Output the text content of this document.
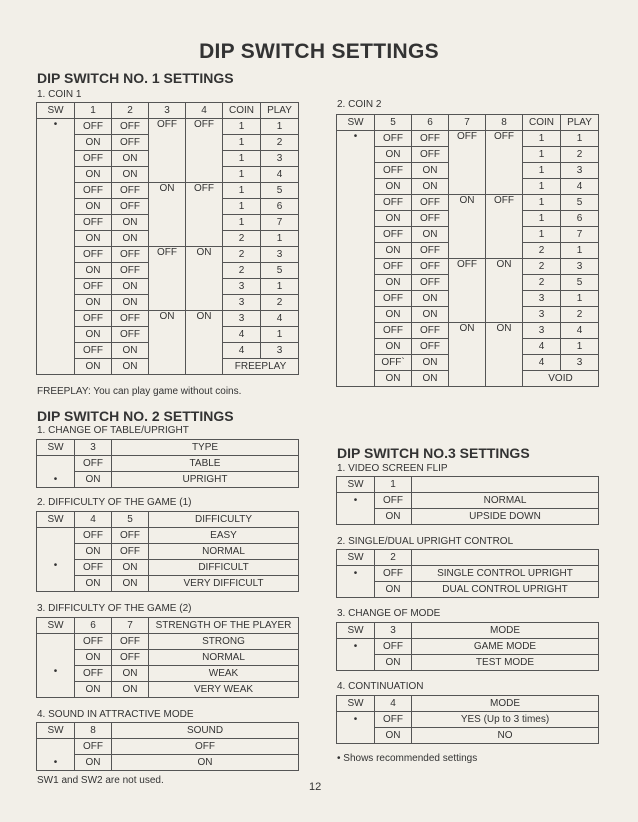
DIP SWITCH SETTINGS
DIP SWITCH NO. 1 SETTINGS
1. COIN 1
SW	1	2	3	4	COIN	PLAY
•	OFF	OFF	OFF	OFF	1	1
	ON	OFF			1	2
	OFF	ON			1	3
	ON	ON			1	4
	OFF	OFF	ON	OFF	1	5
	ON	OFF			1	6
	OFF	ON			1	7
	ON	ON			2	1
	OFF	OFF	OFF	ON	2	3
	ON	OFF			2	5
	OFF	ON			3	1
	ON	ON			3	2
	OFF	OFF	ON	ON	3	4
	ON	OFF			4	1
	OFF	ON			4	3
	ON	ON			FREEPLAY	
FREEPLAY: You can play game without coins.
2. COIN 2
SW	5	6	7	8	COIN	PLAY
•	OFF	OFF	OFF	OFF	1	1
	ON	OFF			1	2
	OFF	ON			1	3
	ON	ON			1	4
	OFF	OFF	ON	OFF	1	5
	ON	OFF			1	6
	OFF	ON			1	7
	ON	OFF			2	1
	OFF	OFF	OFF	ON	2	3
	ON	OFF			2	5
	OFF	ON			3	1
	ON	ON			3	2
	OFF	OFF	ON	ON	3	4
	ON	OFF			4	1
	OFF`	ON			4	3
	ON	ON			VOID	
DIP SWITCH NO. 2 SETTINGS
1. CHANGE OF TABLE/UPRIGHT
SW	3	TYPE
	OFF	TABLE
•	ON	UPRIGHT
2. DIFFICULTY OF THE GAME (1)
SW	4	5	DIFFICULTY
•	OFF	OFF	EASY
	ON	OFF	NORMAL
	OFF	ON	DIFFICULT
	ON	ON	VERY DIFFICULT
3. DIFFICULTY OF THE GAME (2)
SW	6	7	STRENGTH OF THE PLAYER
•	OFF	OFF	STRONG
	ON	OFF	NORMAL
	OFF	ON	WEAK
	ON	ON	VERY WEAK
4. SOUND IN ATTRACTIVE MODE
SW	8	SOUND
	OFF	OFF
•	ON	ON
SW1 and SW2 are not used.
DIP SWITCH NO.3 SETTINGS
1. VIDEO SCREEN FLIP
SW	1	
•	OFF	NORMAL
	ON	UPSIDE DOWN
2. SINGLE/DUAL UPRIGHT CONTROL
SW	2	
•	OFF	SINGLE CONTROL UPRIGHT
	ON	DUAL CONTROL UPRIGHT
3. CHANGE OF MODE
SW	3	MODE
•	OFF	GAME MODE
	ON	TEST MODE
4. CONTINUATION
SW	4	MODE
•	OFF	YES (Up to 3 times)
	ON	NO
• Shows recommended settings
12
